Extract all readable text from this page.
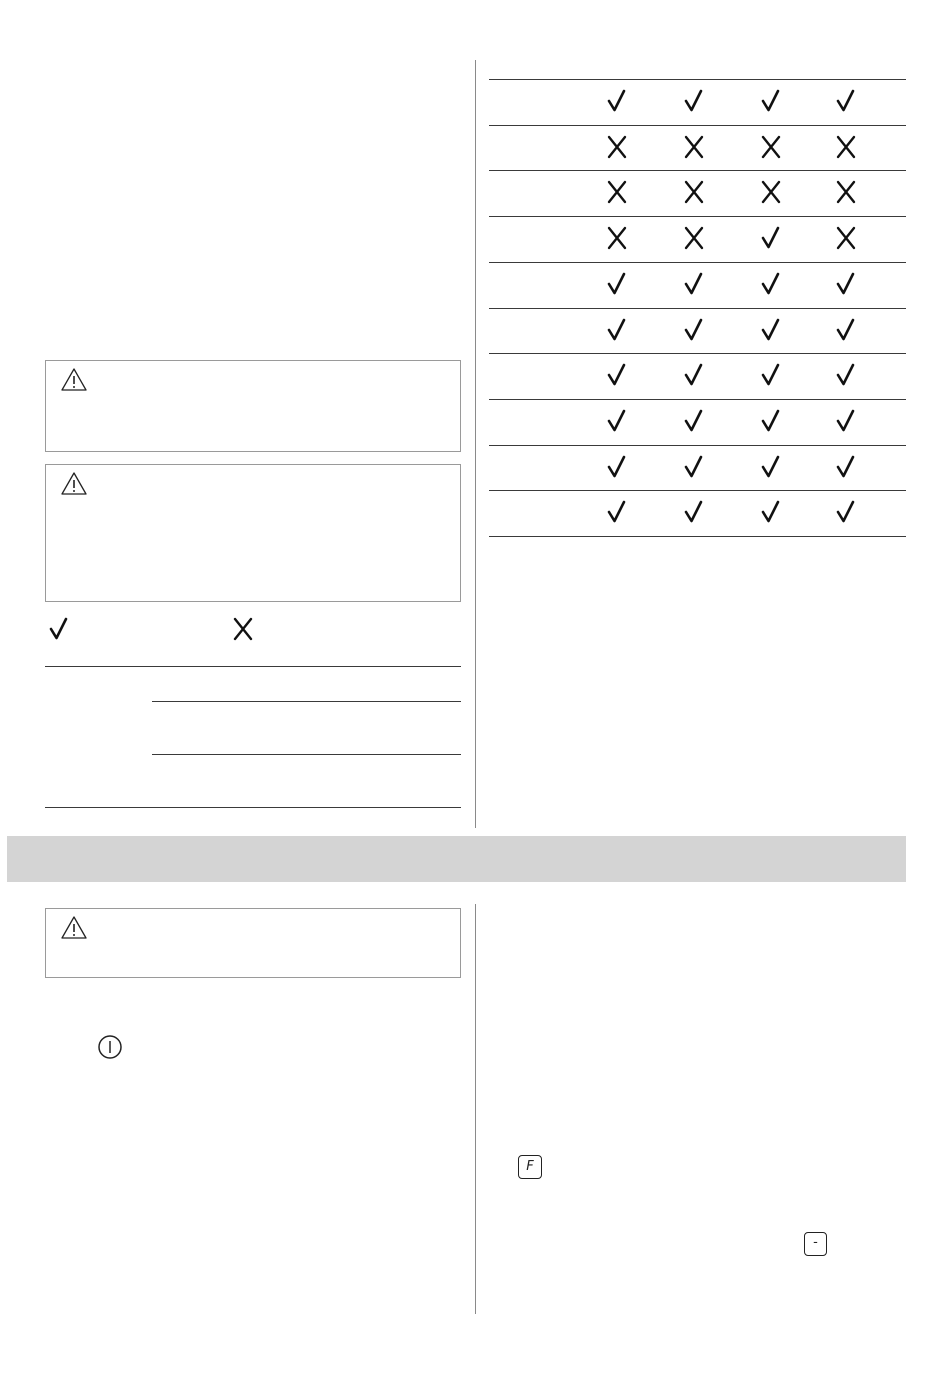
F
-
